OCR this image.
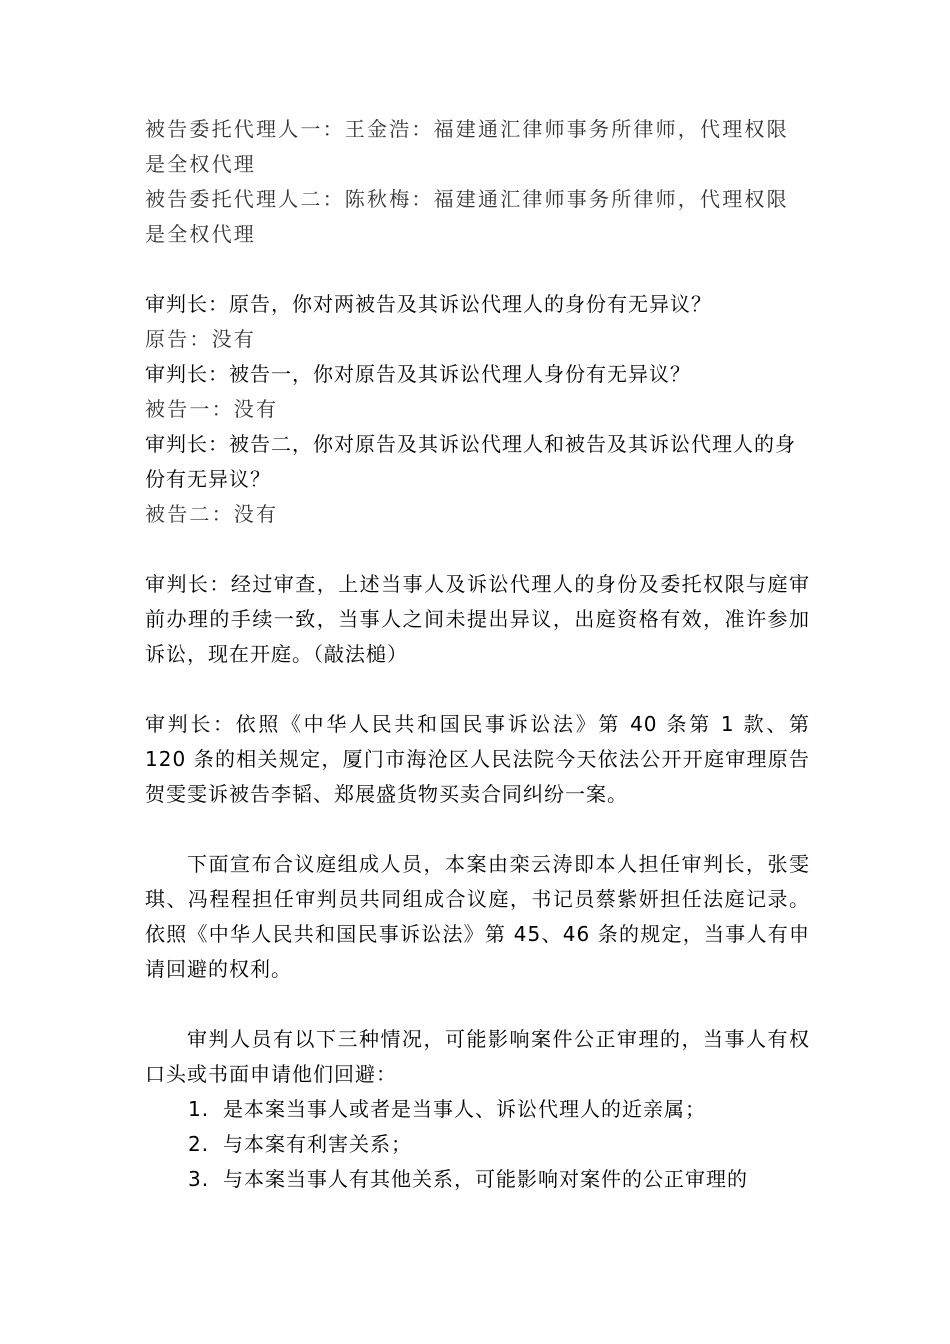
被告委托代理人一：王金浩：福建通汇律师事务所律师，代理权限是全权代理

被告委托代理人二：陈秋梅：福建通汇律师事务所律师，代理权限是全权代理

审判长：原告，你对两被告及其诉讼代理人的身份有无异议？

原告：没有

审判长：被告一，你对原告及其诉讼代理人身份有无异议？

被告一：没有

审判长：被告二，你对原告及其诉讼代理人和被告及其诉讼代理人的身份有无异议？

被告二：没有

审判长：经过审查，上述当事人及诉讼代理人的身份及委托权限与庭审前办理的手续一致，当事人之间未提出异议，出庭资格有效，准许参加诉讼，现在开庭。（敲法槌）

审判长：依照《中华人民共和国民事诉讼法》第 40 条第 1 款、第 120 条的相关规定，厦门市海沧区人民法院今天依法公开开庭审理原告贺雯雯诉被告李韬、郑展盛货物买卖合同纠纷一案。

下面宣布合议庭组成人员，本案由栾云涛即本人担任审判长，张雯琪、冯程程担任审判员共同组成合议庭，书记员蔡紫妍担任法庭记录。依照《中华人民共和国民事诉讼法》第 45、46 条的规定，当事人有申请回避的权利。

审判人员有以下三种情况，可能影响案件公正审理的，当事人有权口头或书面申请他们回避：

1. 是本案当事人或者是当事人、诉讼代理人的近亲属；
2. 与本案有利害关系；
3. 与本案当事人有其他关系，可能影响对案件的公正审理的
